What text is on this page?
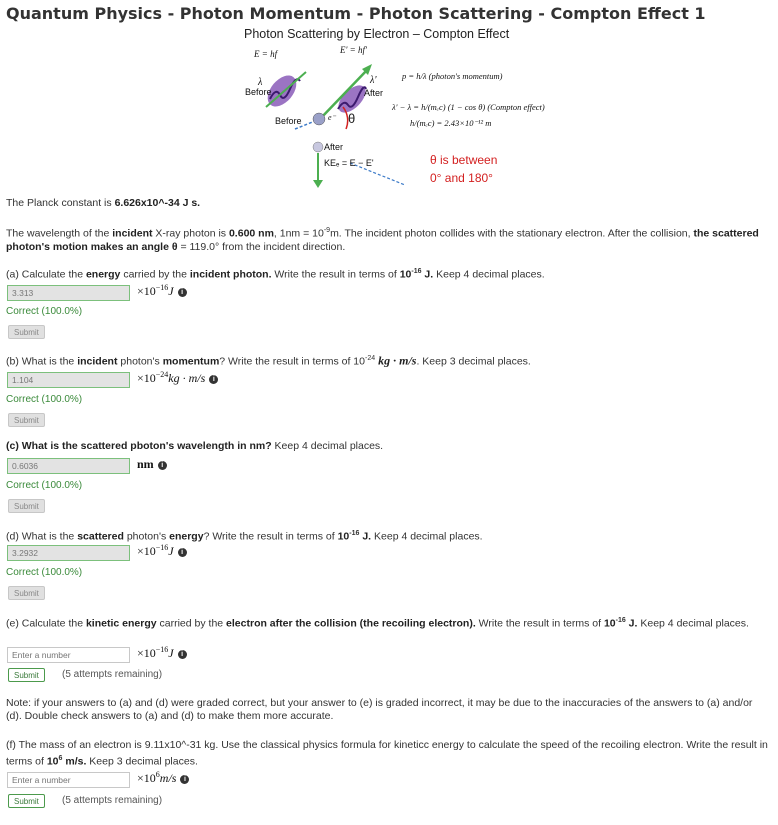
Quantum Physics - Photon Momentum - Photon Scattering - Compton Effect 1
Photon Scattering by Electron – Compton Effect
E = hf	E' = hf'
λ
Before
λ'
After
Before	e⁻ θ
After
KEₑ = E − E'
p = h/λ (photon's momentum)
λ' − λ = h/(mₑc) (1 − cos θ) (Compton effect)
h/(mₑc) = 2.43×10⁻¹² m
θ is between
0° and 180°
The Planck constant is 6.626x10^-34 J s.
The wavelength of the incident X-ray photon is 0.600 nm, $1nm = 10^{-9}m$. The incident photon collides with the stationary electron. After the collision, the scattered photon's motion makes an angle θ = 119.0° from the incident direction.
(a) Calculate the energy carried by the incident photon. Write the result in terms of $10^{-16}$ J. Keep 4 decimal places.
3.313	$\times 10^{-16}J$ i
Correct (100.0%)
Submit
(b) What is the incident photon's momentum? Write the result in terms of $10^{-24}$ kg · m/s. Keep 3 decimal places.
1.104	$\times 10^{-24}kg \cdot m/s$ i
Correct (100.0%)
Submit
(c) What is the scattered pboton's wavelength in nm? Keep 4 decimal places.
0.6036	nm i
Correct (100.0%)
Submit
(d) What is the scattered photon's energy? Write the result in terms of $10^{-16}$ J. Keep 4 decimal places.
3.2932	$\times 10^{-16}J$ i
Correct (100.0%)
Submit
(e) Calculate the kinetic energy carried by the electron after the collision (the recoiling electron). Write the result in terms of $10^{-16}$ J. Keep 4 decimal places.
Enter a number
$\times 10^{-16}J$ i
Submit	(5 attempts remaining)
Note: if your answers to (a) and (d) were graded correct, but your answer to (e) is graded incorrect, it may be due to the inaccuracies of the answers to (a) and/or (d). Double check answers to (a) and (d) to make them more accurate.
(f) The mass of an electron is 9.11x10^-31 kg. Use the classical physics formula for kineticc energy to calculate the speed of the recoiling electron. Write the result in terms of $10^6$ m/s. Keep 3 decimal places.
Enter a number
$\times 10^6m/s$ i
Submit	(5 attempts remaining)
